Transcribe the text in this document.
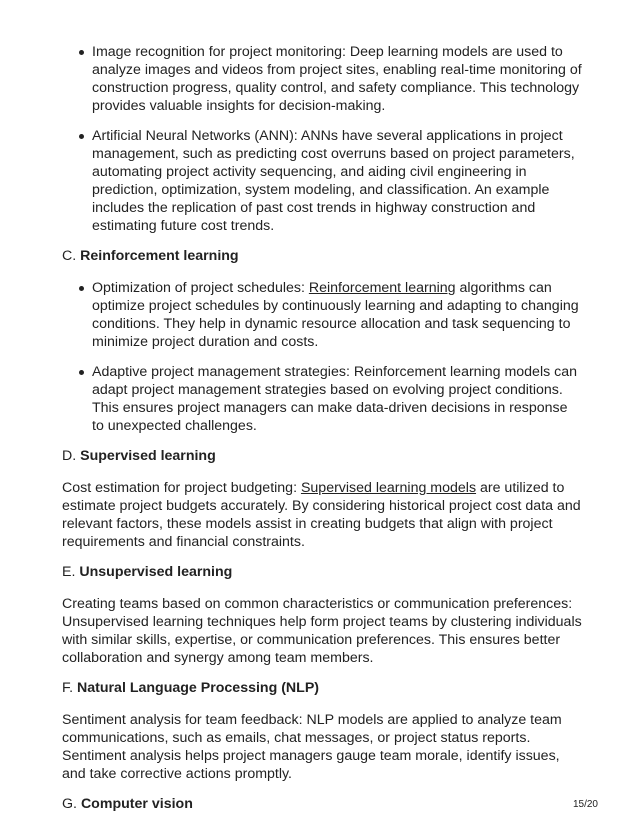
Image recognition for project monitoring: Deep learning models are used to analyze images and videos from project sites, enabling real-time monitoring of construction progress, quality control, and safety compliance. This technology provides valuable insights for decision-making.
Artificial Neural Networks (ANN): ANNs have several applications in project management, such as predicting cost overruns based on project parameters, automating project activity sequencing, and aiding civil engineering in prediction, optimization, system modeling, and classification. An example includes the replication of past cost trends in highway construction and estimating future cost trends.
C. Reinforcement learning
Optimization of project schedules: Reinforcement learning algorithms can optimize project schedules by continuously learning and adapting to changing conditions. They help in dynamic resource allocation and task sequencing to minimize project duration and costs.
Adaptive project management strategies: Reinforcement learning models can adapt project management strategies based on evolving project conditions. This ensures project managers can make data-driven decisions in response to unexpected challenges.
D. Supervised learning

Cost estimation for project budgeting: Supervised learning models are utilized to estimate project budgets accurately. By considering historical project cost data and relevant factors, these models assist in creating budgets that align with project requirements and financial constraints.

E. Unsupervised learning

Creating teams based on common characteristics or communication preferences: Unsupervised learning techniques help form project teams by clustering individuals with similar skills, expertise, or communication preferences. This ensures better collaboration and synergy among team members.

F. Natural Language Processing (NLP)

Sentiment analysis for team feedback: NLP models are applied to analyze team communications, such as emails, chat messages, or project status reports. Sentiment analysis helps project managers gauge team morale, identify issues, and take corrective actions promptly.

G. Computer vision	15/20
